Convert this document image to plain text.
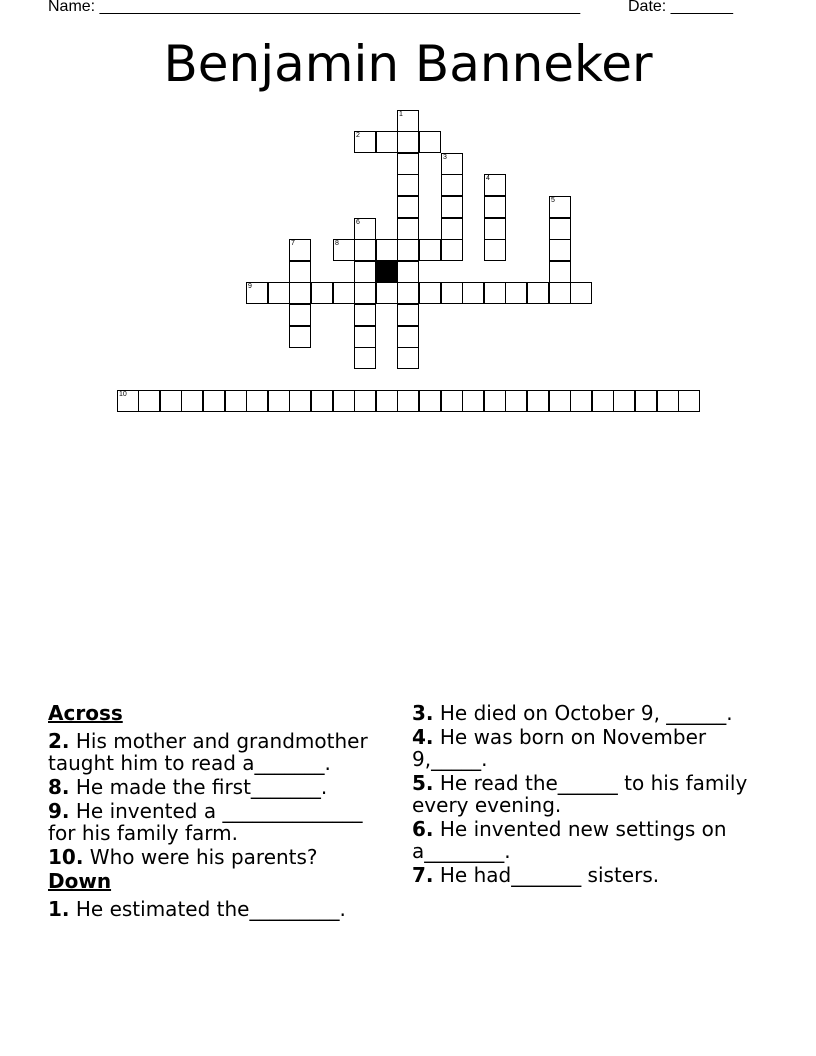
Name: ______________________________________________________	Date: _______
Benjamin Banneker
1
2
3
4
5
6
7	8
9
10
Across
2. His mother and grandmother taught him to read a_______.
8. He made the first_______.
9. He invented a ______________ for his family farm.
10. Who were his parents?
Down
1. He estimated the_________.
3. He died on October 9, ______.
4. He was born on November 9,_____.
5. He read the______ to his family every evening.
6. He invented new settings on a________.
7. He had_______ sisters.
